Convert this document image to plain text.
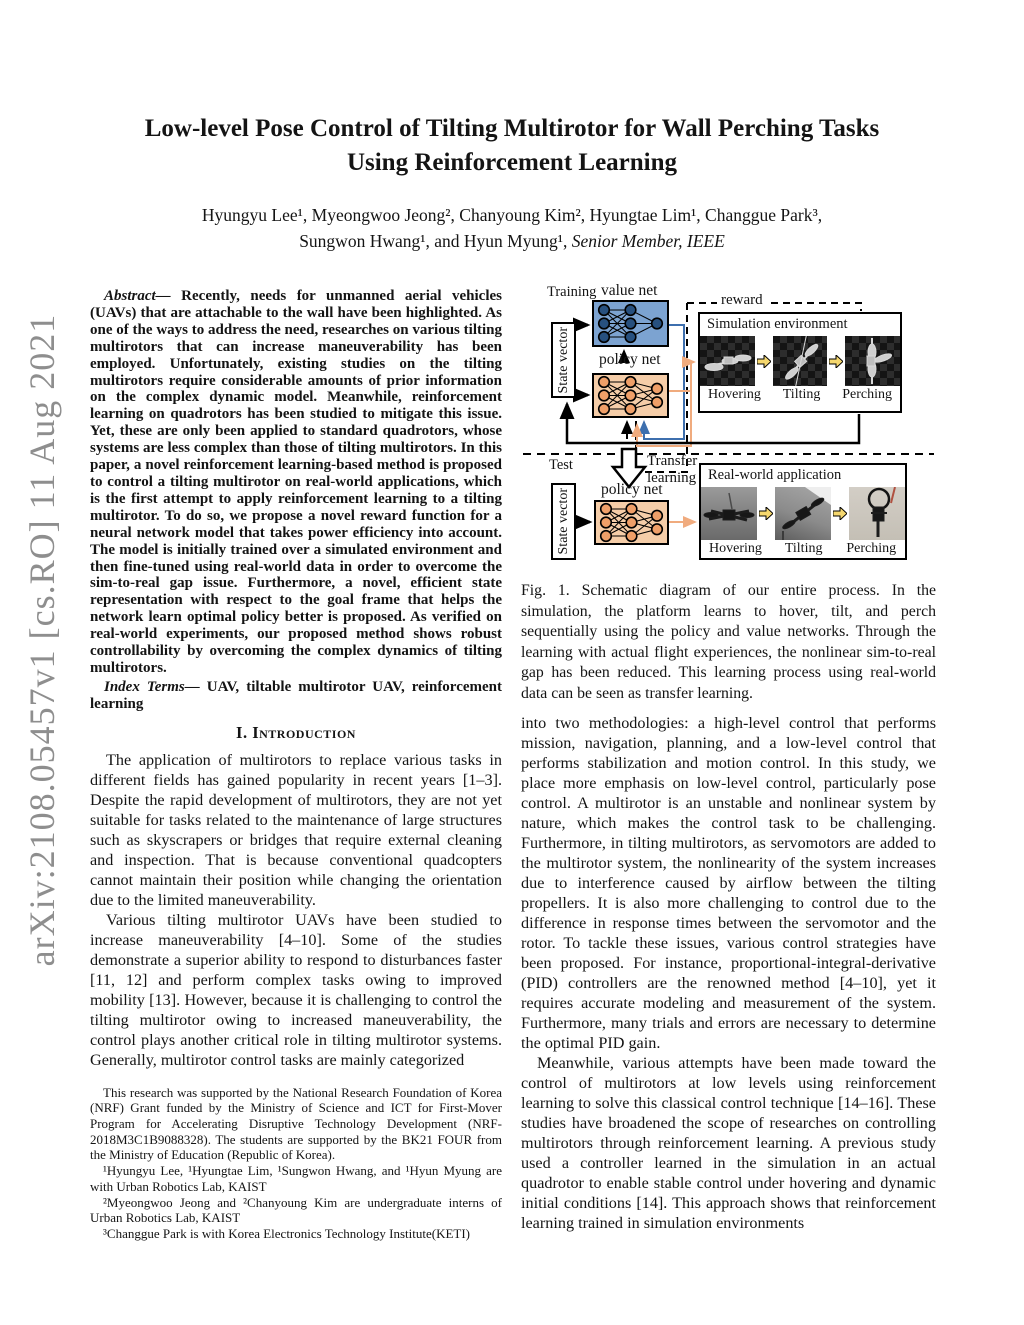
arXiv:2108.05457v1 [cs.RO] 11 Aug 2021
Low-level Pose Control of Tilting Multirotor for Wall Perching Tasks
Using Reinforcement Learning
Hyungyu Lee¹, Myeongwoo Jeong², Chanyoung Kim², Hyungtae Lim¹, Changgue Park³,
Sungwon Hwang¹, and Hyun Myung¹, Senior Member, IEEE

Abstract— Recently, needs for unmanned aerial vehicles (UAVs) that are attachable to the wall have been highlighted. As one of the ways to address the need, researches on various tilting multirotors that can increase maneuverability has been employed. Unfortunately, existing studies on the tilting multirotors require considerable amounts of prior information on the complex dynamic model. Meanwhile, reinforcement learning on quadrotors has been studied to mitigate this issue. Yet, these are only been applied to standard quadrotors, whose systems are less complex than those of tilting multirotors. In this paper, a novel reinforcement learning-based method is proposed to control a tilting multirotor on real-world applications, which is the first attempt to apply reinforcement learning to a tilting multirotor. To do so, we propose a novel reward function for a neural network model that takes power efficiency into account. The model is initially trained over a simulated environment and then fine-tuned using real-world data in order to overcome the sim-to-real gap issue. Furthermore, a novel, efficient state representation with respect to the goal frame that helps the network learn optimal policy better is proposed. As verified on real-world experiments, our proposed method shows robust controllability by overcoming the complex dynamics of tilting multirotors.

Index Terms— UAV, tiltable multirotor UAV, reinforcement learning

I. Introduction

The application of multirotors to replace various tasks in different fields has gained popularity in recent years [1–3]. Despite the rapid development of multirotors, they are not yet suitable for tasks related to the maintenance of large structures such as skyscrapers or bridges that require external cleaning and inspection. That is because conventional quadcopters cannot maintain their position while changing the orientation due to the limited maneuverability.

Various tilting multirotor UAVs have been studied to increase maneuverability [4–10]. Some of the studies demonstrate a superior ability to respond to disturbances faster [11, 12] and perform complex tasks owing to improved mobility [13]. However, because it is challenging to control the tilting multirotor owing to increased maneuverability, the control plays another critical role in tilting multirotor systems. Generally, multirotor control tasks are mainly categorized

This research was supported by the National Research Foundation of Korea (NRF) Grant funded by the Ministry of Science and ICT for First-Mover Program for Accelerating Disruptive Technology Development (NRF-2018M3C1B9088328). The students are supported by the BK21 FOUR from the Ministry of Education (Republic of Korea).

¹Hyungyu Lee, ¹Hyungtae Lim, ¹Sungwon Hwang, and ¹Hyun Myung are with Urban Robotics Lab, KAIST

²Myeongwoo Jeong and ²Chanyoung Kim are undergraduate interns of Urban Robotics Lab, KAIST

³Changgue Park is with Korea Electronics Technology Institute(KETI)

Training value net
policy net
reward
Test	Transfer
learning
policy net
State vector
State vector
Simulation environment
Hovering	Tilting	Perching
Real-world application
Hovering	Tilting	Perching

Fig. 1. Schematic diagram of our entire process. In the simulation, the platform learns to hover, tilt, and perch sequentially using the policy and value networks. Through the learning with actual flight experiences, the nonlinear sim-to-real gap has been reduced. This learning process using real-world data can be seen as transfer learning.

into two methodologies: a high-level control that performs mission, navigation, planning, and a low-level control that performs stabilization and motion control. In this study, we place more emphasis on low-level control, particularly pose control. A multirotor is an unstable and nonlinear system by nature, which makes the control task to be challenging. Furthermore, in tilting multirotors, as servomotors are added to the multirotor system, the nonlinearity of the system increases due to interference caused by airflow between the tilting propellers. It is also more challenging to control due to the difference in response times between the servomotor and the rotor. To tackle these issues, various control strategies have been proposed. For instance, proportional-integral-derivative (PID) controllers are the renowned method [4–10], yet it requires accurate modeling and measurement of the system. Furthermore, many trials and errors are necessary to determine the optimal PID gain.

Meanwhile, various attempts have been made toward the control of multirotors at low levels using reinforcement learning to solve this classical control technique [14–16]. These studies have broadened the scope of researches on controlling multirotors through reinforcement learning. A previous study used a controller learned in the simulation in an actual quadrotor to enable stable control under hovering and dynamic initial conditions [14]. This approach shows that reinforcement learning trained in simulation environments
